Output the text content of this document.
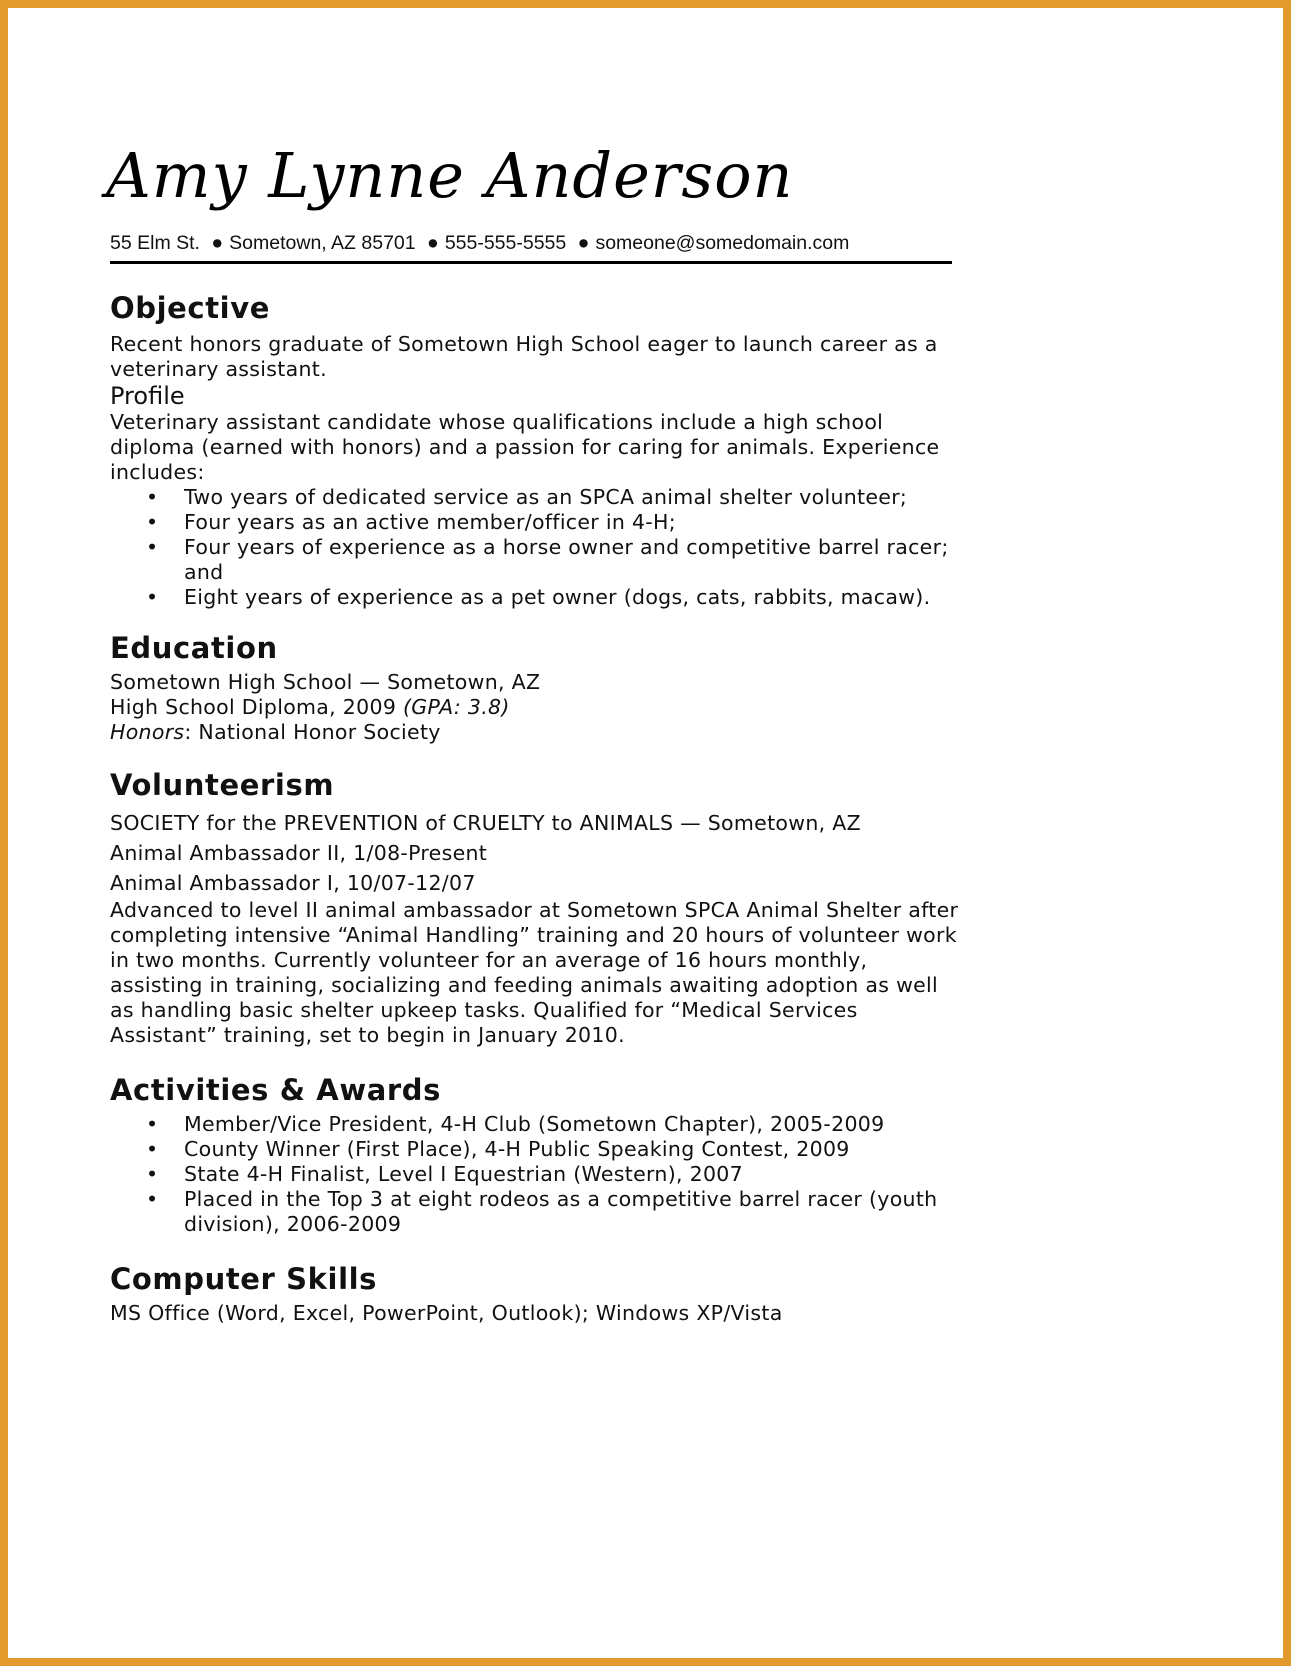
Amy Lynne Anderson
55 Elm St. ● Sometown, AZ 85701 ● 555-555-5555 ● someone@somedomain.com
Objective
Recent honors graduate of Sometown High School eager to launch career as a veterinary assistant.
Profile
Veterinary assistant candidate whose qualifications include a high school diploma (earned with honors) and a passion for caring for animals. Experience includes:
• Two years of dedicated service as an SPCA animal shelter volunteer;
• Four years as an active member/officer in 4-H;
• Four years of experience as a horse owner and competitive barrel racer; and
• Eight years of experience as a pet owner (dogs, cats, rabbits, macaw).
Education
Sometown High School — Sometown, AZ
High School Diploma, 2009 (GPA: 3.8)
Honors: National Honor Society
Volunteerism
SOCIETY for the PREVENTION of CRUELTY to ANIMALS — Sometown, AZ
Animal Ambassador II, 1/08-Present
Animal Ambassador I, 10/07-12/07
Advanced to level II animal ambassador at Sometown SPCA Animal Shelter after completing intensive “Animal Handling” training and 20 hours of volunteer work in two months. Currently volunteer for an average of 16 hours monthly, assisting in training, socializing and feeding animals awaiting adoption as well as handling basic shelter upkeep tasks. Qualified for “Medical Services Assistant” training, set to begin in January 2010.
Activities & Awards
• Member/Vice President, 4-H Club (Sometown Chapter), 2005-2009
• County Winner (First Place), 4-H Public Speaking Contest, 2009
• State 4-H Finalist, Level I Equestrian (Western), 2007
• Placed in the Top 3 at eight rodeos as a competitive barrel racer (youth division), 2006-2009
Computer Skills
MS Office (Word, Excel, PowerPoint, Outlook); Windows XP/Vista
